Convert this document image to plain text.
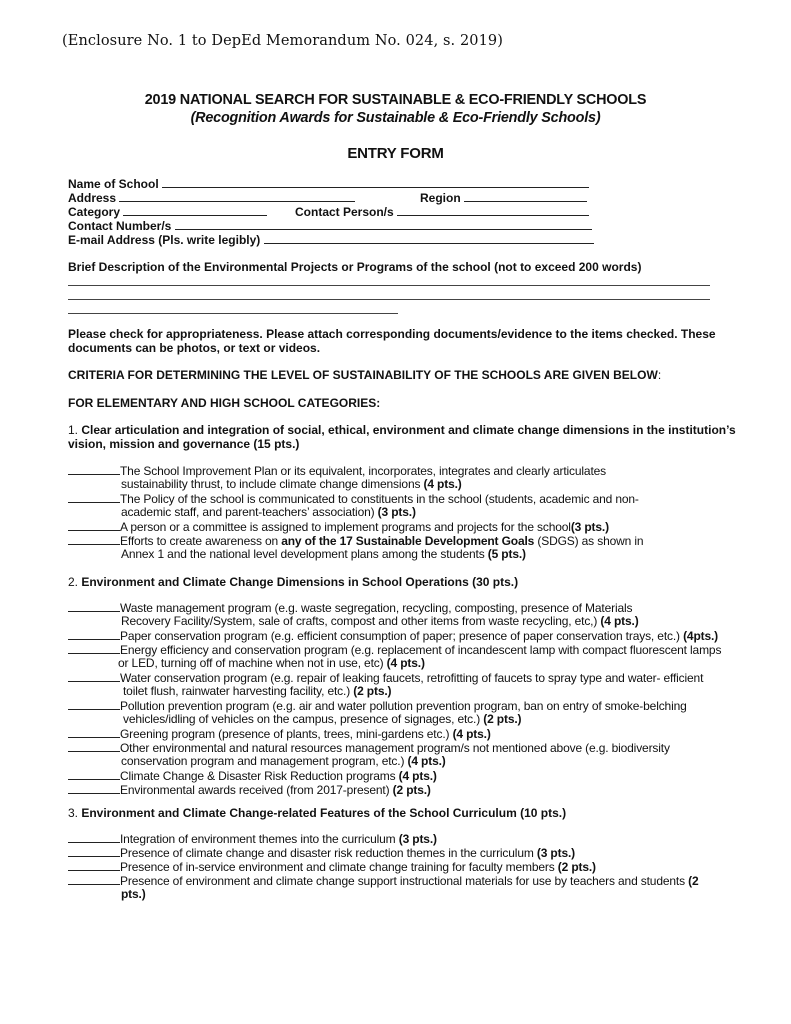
(Enclosure No. 1 to DepEd Memorandum No. 024, s. 2019)
2019 NATIONAL SEARCH FOR SUSTAINABLE & ECO-FRIENDLY SCHOOLS
(Recognition Awards for Sustainable & Eco-Friendly Schools)
ENTRY FORM
Name of School
Address	Region
Category	Contact Person/s
Contact Number/s
E-mail Address (Pls. write legibly)
Brief Description of the Environmental Projects or Programs of the school (not to exceed 200 words)
Please check for appropriateness. Please attach corresponding documents/evidence to the items checked. These
documents can be photos, or text or videos.
CRITERIA FOR DETERMINING THE LEVEL OF SUSTAINABILITY OF THE SCHOOLS ARE GIVEN BELOW:
FOR ELEMENTARY AND HIGH SCHOOL CATEGORIES:
1. Clear articulation and integration of social, ethical, environment and climate change dimensions in the institution’s
vision, mission and governance (15 pts.)
The School Improvement Plan or its equivalent, incorporates, integrates and clearly articulates
sustainability thrust, to include climate change dimensions (4 pts.)
The Policy of the school is communicated to constituents in the school (students, academic and non-
academic staff, and parent-teachers’ association) (3 pts.)
A person or a committee is assigned to implement programs and projects for the school(3 pts.)
Efforts to create awareness on any of the 17 Sustainable Development Goals (SDGS) as shown in
Annex 1 and the national level development plans among the students (5 pts.)
2. Environment and Climate Change Dimensions in School Operations (30 pts.)
Waste management program (e.g. waste segregation, recycling, composting, presence of Materials
Recovery Facility/System, sale of crafts, compost and other items from waste recycling, etc,) (4 pts.)
Paper conservation program (e.g. efficient consumption of paper; presence of paper conservation trays, etc.) (4pts.)
Energy efficiency and conservation program (e.g. replacement of incandescent lamp with compact fluorescent lamps
or LED, turning off of machine when not in use, etc) (4 pts.)
Water conservation program (e.g. repair of leaking faucets, retrofitting of faucets to spray type and water- efficient
toilet flush, rainwater harvesting facility, etc.) (2 pts.)
Pollution prevention program (e.g. air and water pollution prevention program, ban on entry of smoke-belching
vehicles/idling of vehicles on the campus, presence of signages, etc.) (2 pts.)
Greening program (presence of plants, trees, mini-gardens etc.) (4 pts.)
Other environmental and natural resources management program/s not mentioned above (e.g. biodiversity
conservation program and management program, etc.) (4 pts.)
Climate Change & Disaster Risk Reduction programs (4 pts.)
Environmental awards received (from 2017-present) (2 pts.)
3. Environment and Climate Change-related Features of the School Curriculum (10 pts.)
Integration of environment themes into the curriculum (3 pts.)
Presence of climate change and disaster risk reduction themes in the curriculum (3 pts.)
Presence of in-service environment and climate change training for faculty members (2 pts.)
Presence of environment and climate change support instructional materials for use by teachers and students (2
pts.)
